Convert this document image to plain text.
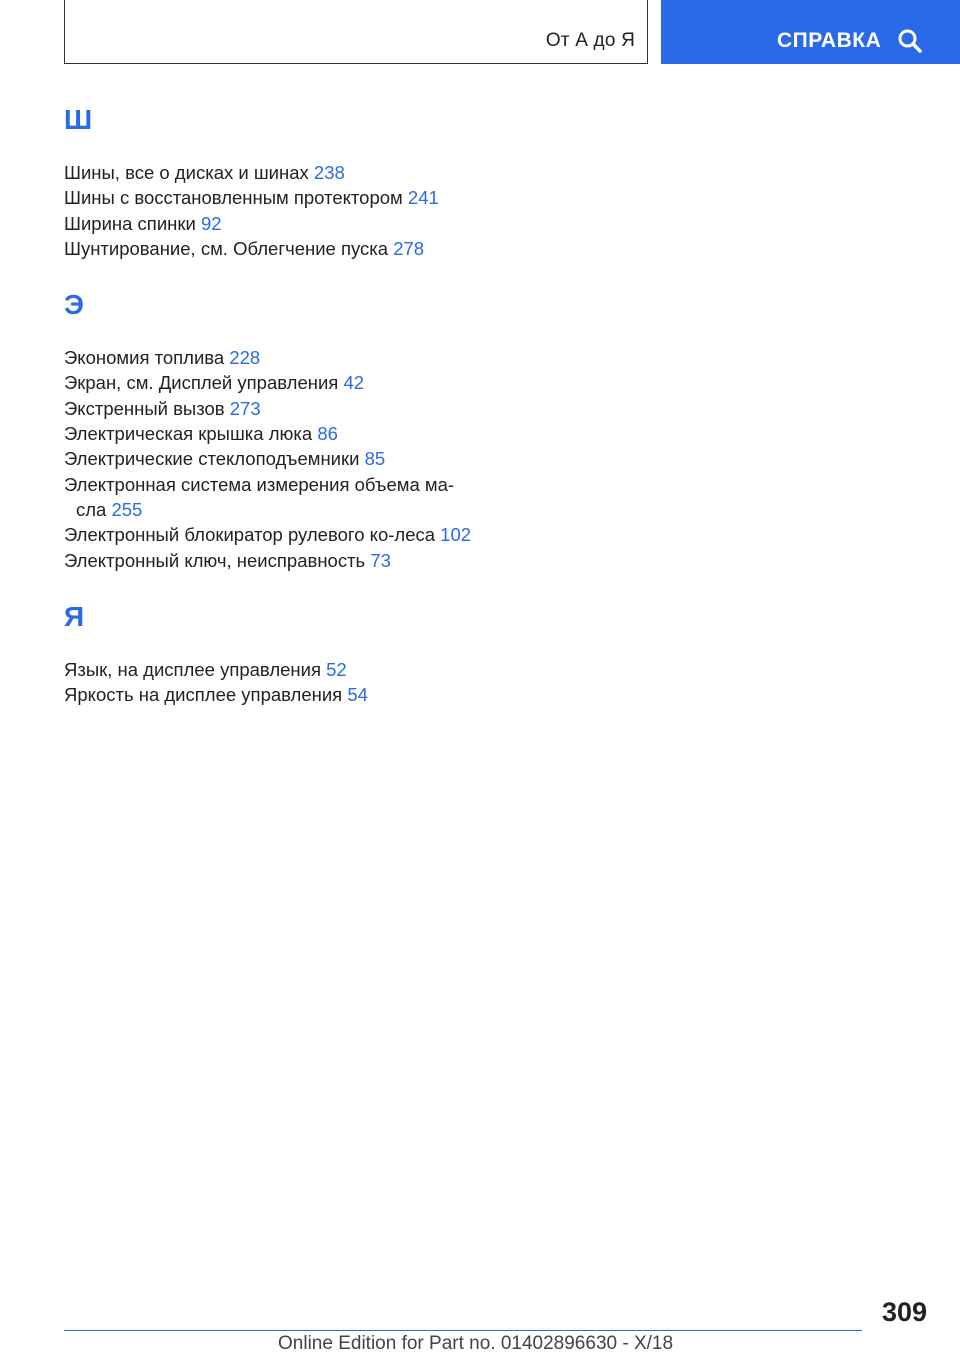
От А до Я	СПРАВКА
Ш
Шины, все о дисках и шинах 238
Шины с восстановленным протектором 241
Ширина спинки 92
Шунтирование, см. Облегчение пуска 278
Э
Экономия топлива 228
Экран, см. Дисплей управления 42
Экстренный вызов 273
Электрическая крышка люка 86
Электрические стеклоподъемники 85
Электронная система измерения объема ма-сла 255
Электронный блокиратор рулевого ко-леса 102
Электронный ключ, неисправность 73
Я
Язык, на дисплее управления 52
Яркость на дисплее управления 54
309
Online Edition for Part no. 01402896630 - X/18
